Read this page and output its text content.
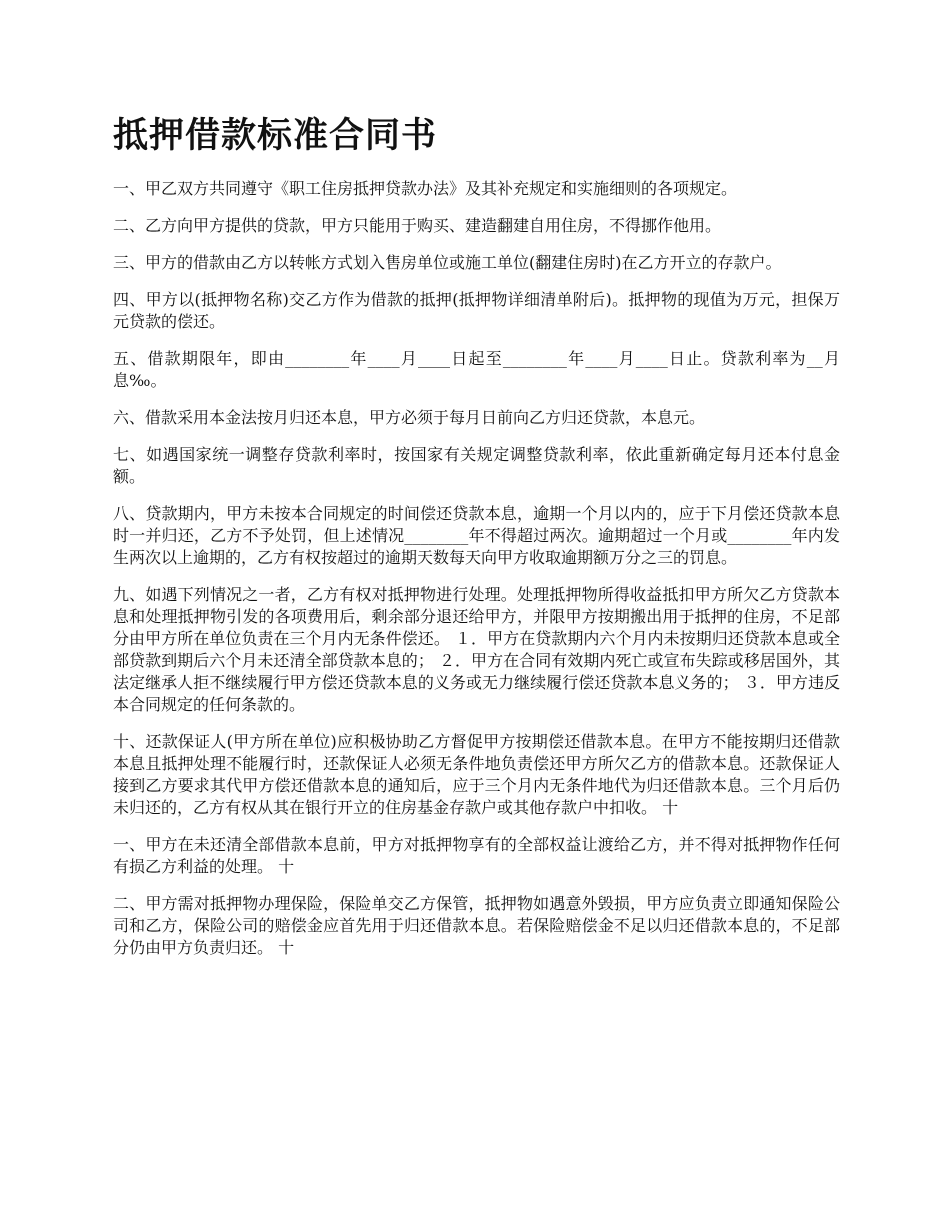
抵押借款标准合同书

一、甲乙双方共同遵守《职工住房抵押贷款办法》及其补充规定和实施细则的各项规定。

二、乙方向甲方提供的贷款，甲方只能用于购买、建造翻建自用住房，不得挪作他用。

三、甲方的借款由乙方以转帐方式划入售房单位或施工单位(翻建住房时)在乙方开立的存款户。

四、甲方以(抵押物名称)交乙方作为借款的抵押(抵押物详细清单附后)。抵押物的现值为万元，担保万元贷款的偿还。

五、借款期限年，即由________年____月____日起至________年____月____日止。贷款利率为__月息‰。

六、借款采用本金法按月归还本息，甲方必须于每月日前向乙方归还贷款，本息元。

七、如遇国家统一调整存贷款利率时，按国家有关规定调整贷款利率，依此重新确定每月还本付息金额。

八、贷款期内，甲方未按本合同规定的时间偿还贷款本息，逾期一个月以内的，应于下月偿还贷款本息时一并归还，乙方不予处罚，但上述情况________年不得超过两次。逾期超过一个月或________年内发生两次以上逾期的，乙方有权按超过的逾期天数每天向甲方收取逾期额万分之三的罚息。

九、如遇下列情况之一者，乙方有权对抵押物进行处理。处理抵押物所得收益抵扣甲方所欠乙方贷款本息和处理抵押物引发的各项费用后，剩余部分退还给甲方，并限甲方按期搬出用于抵押的住房，不足部分由甲方所在单位负责在三个月内无条件偿还。 １．甲方在贷款期内六个月内未按期归还贷款本息或全部贷款到期后六个月未还清全部贷款本息的； ２．甲方在合同有效期内死亡或宣布失踪或移居国外，其法定继承人拒不继续履行甲方偿还贷款本息的义务或无力继续履行偿还贷款本息义务的； ３．甲方违反本合同规定的任何条款的。

十、还款保证人(甲方所在单位)应积极协助乙方督促甲方按期偿还借款本息。在甲方不能按期归还借款本息且抵押处理不能履行时，还款保证人必须无条件地负责偿还甲方所欠乙方的借款本息。还款保证人接到乙方要求其代甲方偿还借款本息的通知后，应于三个月内无条件地代为归还借款本息。三个月后仍未归还的，乙方有权从其在银行开立的住房基金存款户或其他存款户中扣收。 十

一、甲方在未还清全部借款本息前，甲方对抵押物享有的全部权益让渡给乙方，并不得对抵押物作任何有损乙方利益的处理。 十

二、甲方需对抵押物办理保险，保险单交乙方保管，抵押物如遇意外毁损，甲方应负责立即通知保险公司和乙方，保险公司的赔偿金应首先用于归还借款本息。若保险赔偿金不足以归还借款本息的，不足部分仍由甲方负责归还。 十
